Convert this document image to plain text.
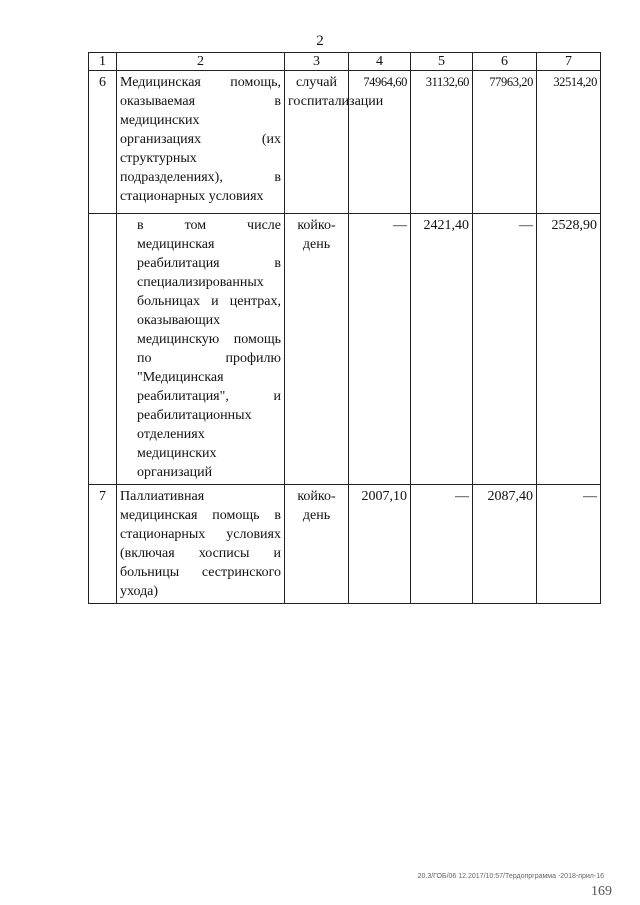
2
1	2	3	4	5	6	7
6	Медицинская помощь, оказываемая в медицинских организациях (их структурных подразделениях), в стационарных условиях	случай госпитализации	74964,60	31132,60	77963,20	32514,20
	в том числе медицинская реабилитация в специализированных больницах и центрах, оказывающих медицинскую помощь по профилю "Медицинская реабилитация", и реабилитационных отделениях медицинских организаций	койко-день	—	2421,40	—	2528,90
7	Паллиативная медицинская помощь в стационарных условиях (включая хосписы и больницы сестринского ухода)	койко-день	2007,10	—	2087,40	—
20.3/ГОБ/06 12.2017/10:57/Тердопрграмма -2018-прил-16
169
